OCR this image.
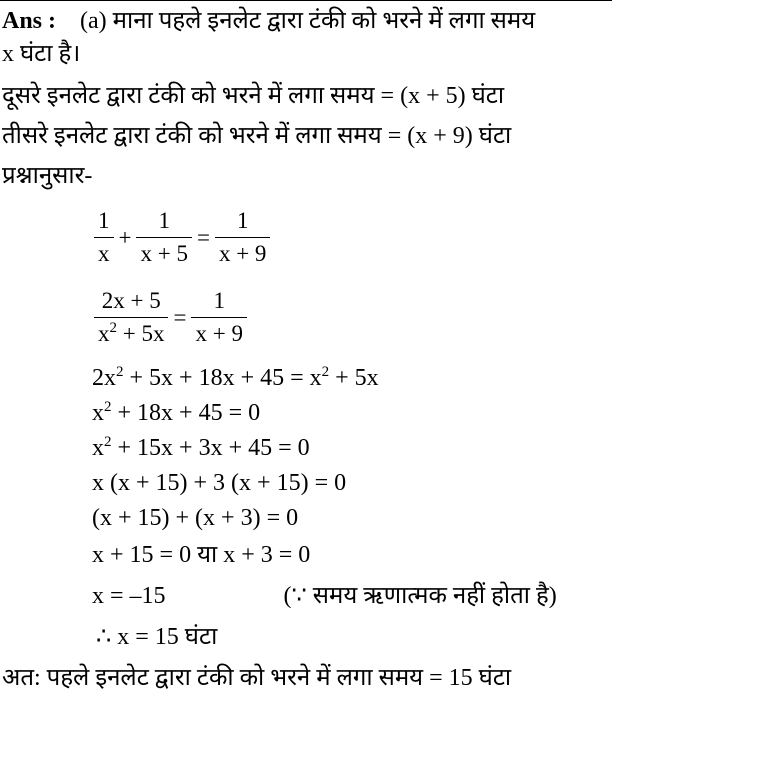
Ans : (a) माना पहले इनलेट द्वारा टंकी को भरने में लगा समय
x घंटा है।
दूसरे इनलेट द्वारा टंकी को भरने में लगा समय = (x + 5) घंटा
तीसरे इनलेट द्वारा टंकी को भरने में लगा समय = (x + 9) घंटा
प्रश्नानुसार-
$\frac{1}{x} + \frac{1}{x + 5} = \frac{1}{x + 9}$
$\frac{2x + 5}{x^2 + 5x} = \frac{1}{x + 9}$
$2x^2 + 5x + 18x + 45 = x^2 + 5x$
$x^2 + 18x + 45 = 0$
$x^2 + 15x + 3x + 45 = 0$
x (x + 15) + 3 (x + 15) = 0
(x + 15) + (x + 3) = 0
x + 15 = 0 या x + 3 = 0
x = –15	(∵ समय ऋणात्मक नहीं होता है)
∴ x = 15 घंटा
अत: पहले इनलेट द्वारा टंकी को भरने में लगा समय = 15 घंटा
